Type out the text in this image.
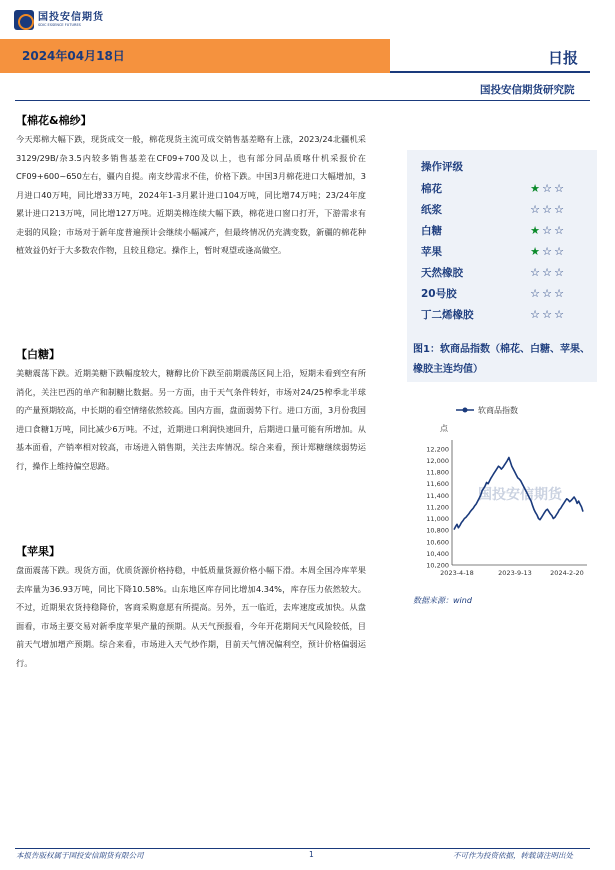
国投安信期货
SDIC ESSENCE FUTURES
2024年04月18日	日报
国投安信期货研究院
【棉花&棉纱】
今天郑棉大幅下跌，现货成交一般，棉花现货主流可成交销售基差略有上涨，2023/24北疆机采3129/29B/杂3.5内较多销售基差在CF09+700及以上，也有部分同品质喀什机采报价在CF09+600~650左右，疆内自提。南支纱需求不佳，价格下跌。中国3月棉花进口大幅增加，3月进口40万吨，同比增33万吨，2024年1-3月累计进口104万吨，同比增74万吨；23/24年度累计进口213万吨，同比增127万吨。近期美棉连续大幅下跌，棉花进口窗口打开，下游需求有走弱的风险；市场对于新年度普遍预计会继续小幅减产，但最终情况仍充满变数，新疆的棉花种植效益仍好于大多数农作物，且较且稳定。操作上，暂时观望或逢高做空。
【白糖】
美糖震荡下跌。近期美糖下跌幅度较大，糖醇比价下跌至前期震荡区间上沿，短期未看到空有所消化，关注巴西的单产和制糖比数据。另一方面，由于天气条件转好，市场对24/25榨季北半球的产量预期较高，中长期的看空情绪依然较高。国内方面，盘面弱势下行。进口方面，3月份我国进口食糖1万吨，同比减少6万吨。不过，近期进口利润快速回升，后期进口量可能有所增加。从基本面看，产销率相对较高，市场进入销售期，关注去库情况。综合来看，预计郑糖继续弱势运行，操作上维持偏空思路。
【苹果】
盘面震荡下跌。现货方面，优质货源价格持稳，中低质量货源价格小幅下滑。本周全国冷库苹果去库量为36.93万吨，同比下降10.58%。山东地区库存同比增加4.34%，库存压力依然较大。不过，近期果农货持稳降价，客商采购意愿有所提高。另外，五一临近，去库速度或加快。从盘面看，市场主要交易对新季度苹果产量的预期。从天气预报看，今年开花期间天气风险较低，目前天气增加增产预期。综合来看，市场进入天气炒作期，目前天气情况偏利空，预计价格偏弱运行。
操作评级
棉花	★ ☆ ☆
纸浆	☆ ☆ ☆
白糖	★ ☆ ☆
苹果	★ ☆ ☆
天然橡胶	☆ ☆ ☆
20号胶	☆ ☆ ☆
丁二烯橡胶	☆ ☆ ☆
图1：软商品指数（棉花、白糖、苹果、橡胶主连均值）
国投安信期货
软商品指数
点
10,200
10,400
10,600
10,800
11,000
11,200
11,400
11,600
11,800
12,000
12,200
2023-4-18	2023-9-13	2024-2-20
数据来源：wind
本报告版权属于国投安信期货有限公司	1	不可作为投资依据，转载请注明出处
